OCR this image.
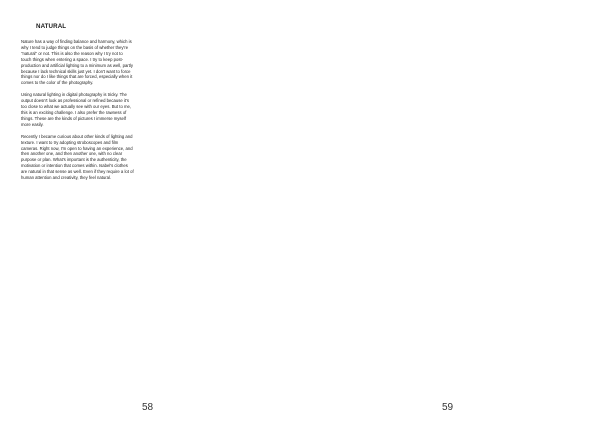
NATURAL

Nature has a way of finding balance and harmony, which is why I tend to judge things on the basis of whether they're "natural" or not. This is also the reason why I try not to touch things when entering a space. I try to keep post-production and artificial lighting to a minimum as well, partly because I lack technical skills just yet. I don't want to force things nor do I like things that are forced, especially when it comes to the color of the photography.

Using natural lighting in digital photography is tricky. The output doesn't look as professional or refined because it's too close to what we actually see with our eyes. But to me, this is an exciting challenge. I also prefer the rawness of things. These are the kinds of pictures I immerse myself more easily.

Recently I became curious about other kinds of lighting and texture. I want to try adopting stroboscopes and film cameras. Right now, I'm open to having an experience, and then another one, and then another one, with no clear purpose or plan. What's important is the authenticity, the motivation or intention that comes within. Isabel's clothes are natural in that sense as well. Even if they require a lot of human attention and creativity, they feel natural.

58	59
